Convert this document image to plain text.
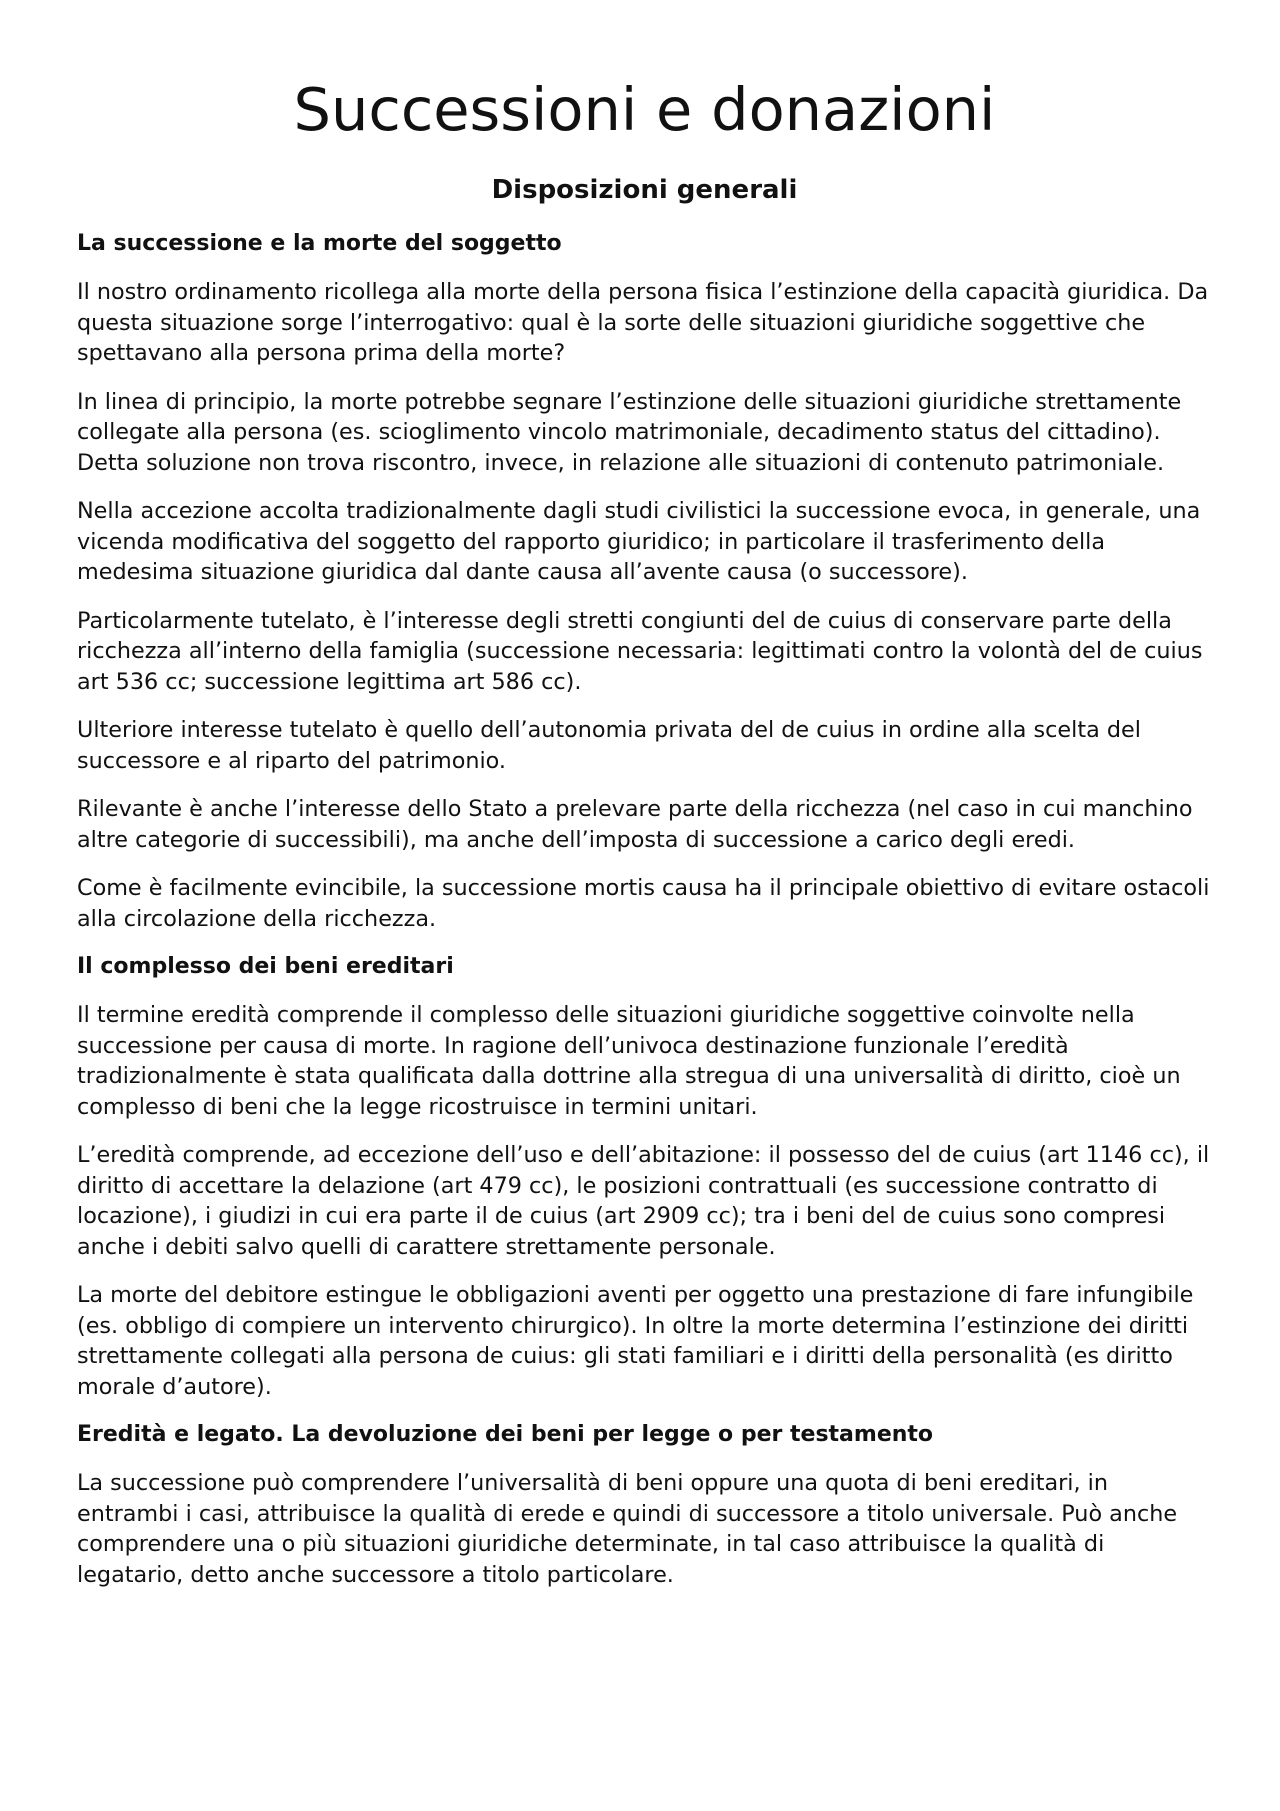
Successioni e donazioni
Disposizioni generali
La successione e la morte del soggetto

Il nostro ordinamento ricollega alla morte della persona fisica l’estinzione della capacità giuridica. Da questa situazione sorge l’interrogativo: qual è la sorte delle situazioni giuridiche soggettive che spettavano alla persona prima della morte?

In linea di principio, la morte potrebbe segnare l’estinzione delle situazioni giuridiche strettamente collegate alla persona (es. scioglimento vincolo matrimoniale, decadimento status del cittadino). Detta soluzione non trova riscontro, invece, in relazione alle situazioni di contenuto patrimoniale.

Nella accezione accolta tradizionalmente dagli studi civilistici la successione evoca, in generale, una vicenda modificativa del soggetto del rapporto giuridico; in particolare il trasferimento della medesima situazione giuridica dal dante causa all’avente causa (o successore).

Particolarmente tutelato, è l’interesse degli stretti congiunti del de cuius di conservare parte della ricchezza all’interno della famiglia (successione necessaria: legittimati contro la volontà del de cuius art 536 cc; successione legittima art 586 cc).

Ulteriore interesse tutelato è quello dell’autonomia privata del de cuius in ordine alla scelta del successore e al riparto del patrimonio.

Rilevante è anche l’interesse dello Stato a prelevare parte della ricchezza (nel caso in cui manchino altre categorie di successibili), ma anche dell’imposta di successione a carico degli eredi.

Come è facilmente evincibile, la successione mortis causa ha il principale obiettivo di evitare ostacoli alla circolazione della ricchezza.

Il complesso dei beni ereditari

Il termine eredità comprende il complesso delle situazioni giuridiche soggettive coinvolte nella successione per causa di morte. In ragione dell’univoca destinazione funzionale l’eredità tradizionalmente è stata qualificata dalla dottrine alla stregua di una universalità di diritto, cioè un complesso di beni che la legge ricostruisce in termini unitari.

L’eredità comprende, ad eccezione dell’uso e dell’abitazione: il possesso del de cuius (art 1146 cc), il diritto di accettare la delazione (art 479 cc), le posizioni contrattuali (es successione contratto di locazione), i giudizi in cui era parte il de cuius (art 2909 cc); tra i beni del de cuius sono compresi anche i debiti salvo quelli di carattere strettamente personale.

La morte del debitore estingue le obbligazioni aventi per oggetto una prestazione di fare infungibile (es. obbligo di compiere un intervento chirurgico). In oltre la morte determina l’estinzione dei diritti strettamente collegati alla persona de cuius: gli stati familiari e i diritti della personalità (es diritto morale d’autore).

Eredità e legato. La devoluzione dei beni per legge o per testamento

La successione può comprendere l’universalità di beni oppure una quota di beni ereditari, in entrambi i casi, attribuisce la qualità di erede e quindi di successore a titolo universale. Può anche comprendere una o più situazioni giuridiche determinate, in tal caso attribuisce la qualità di legatario, detto anche successore a titolo particolare.
